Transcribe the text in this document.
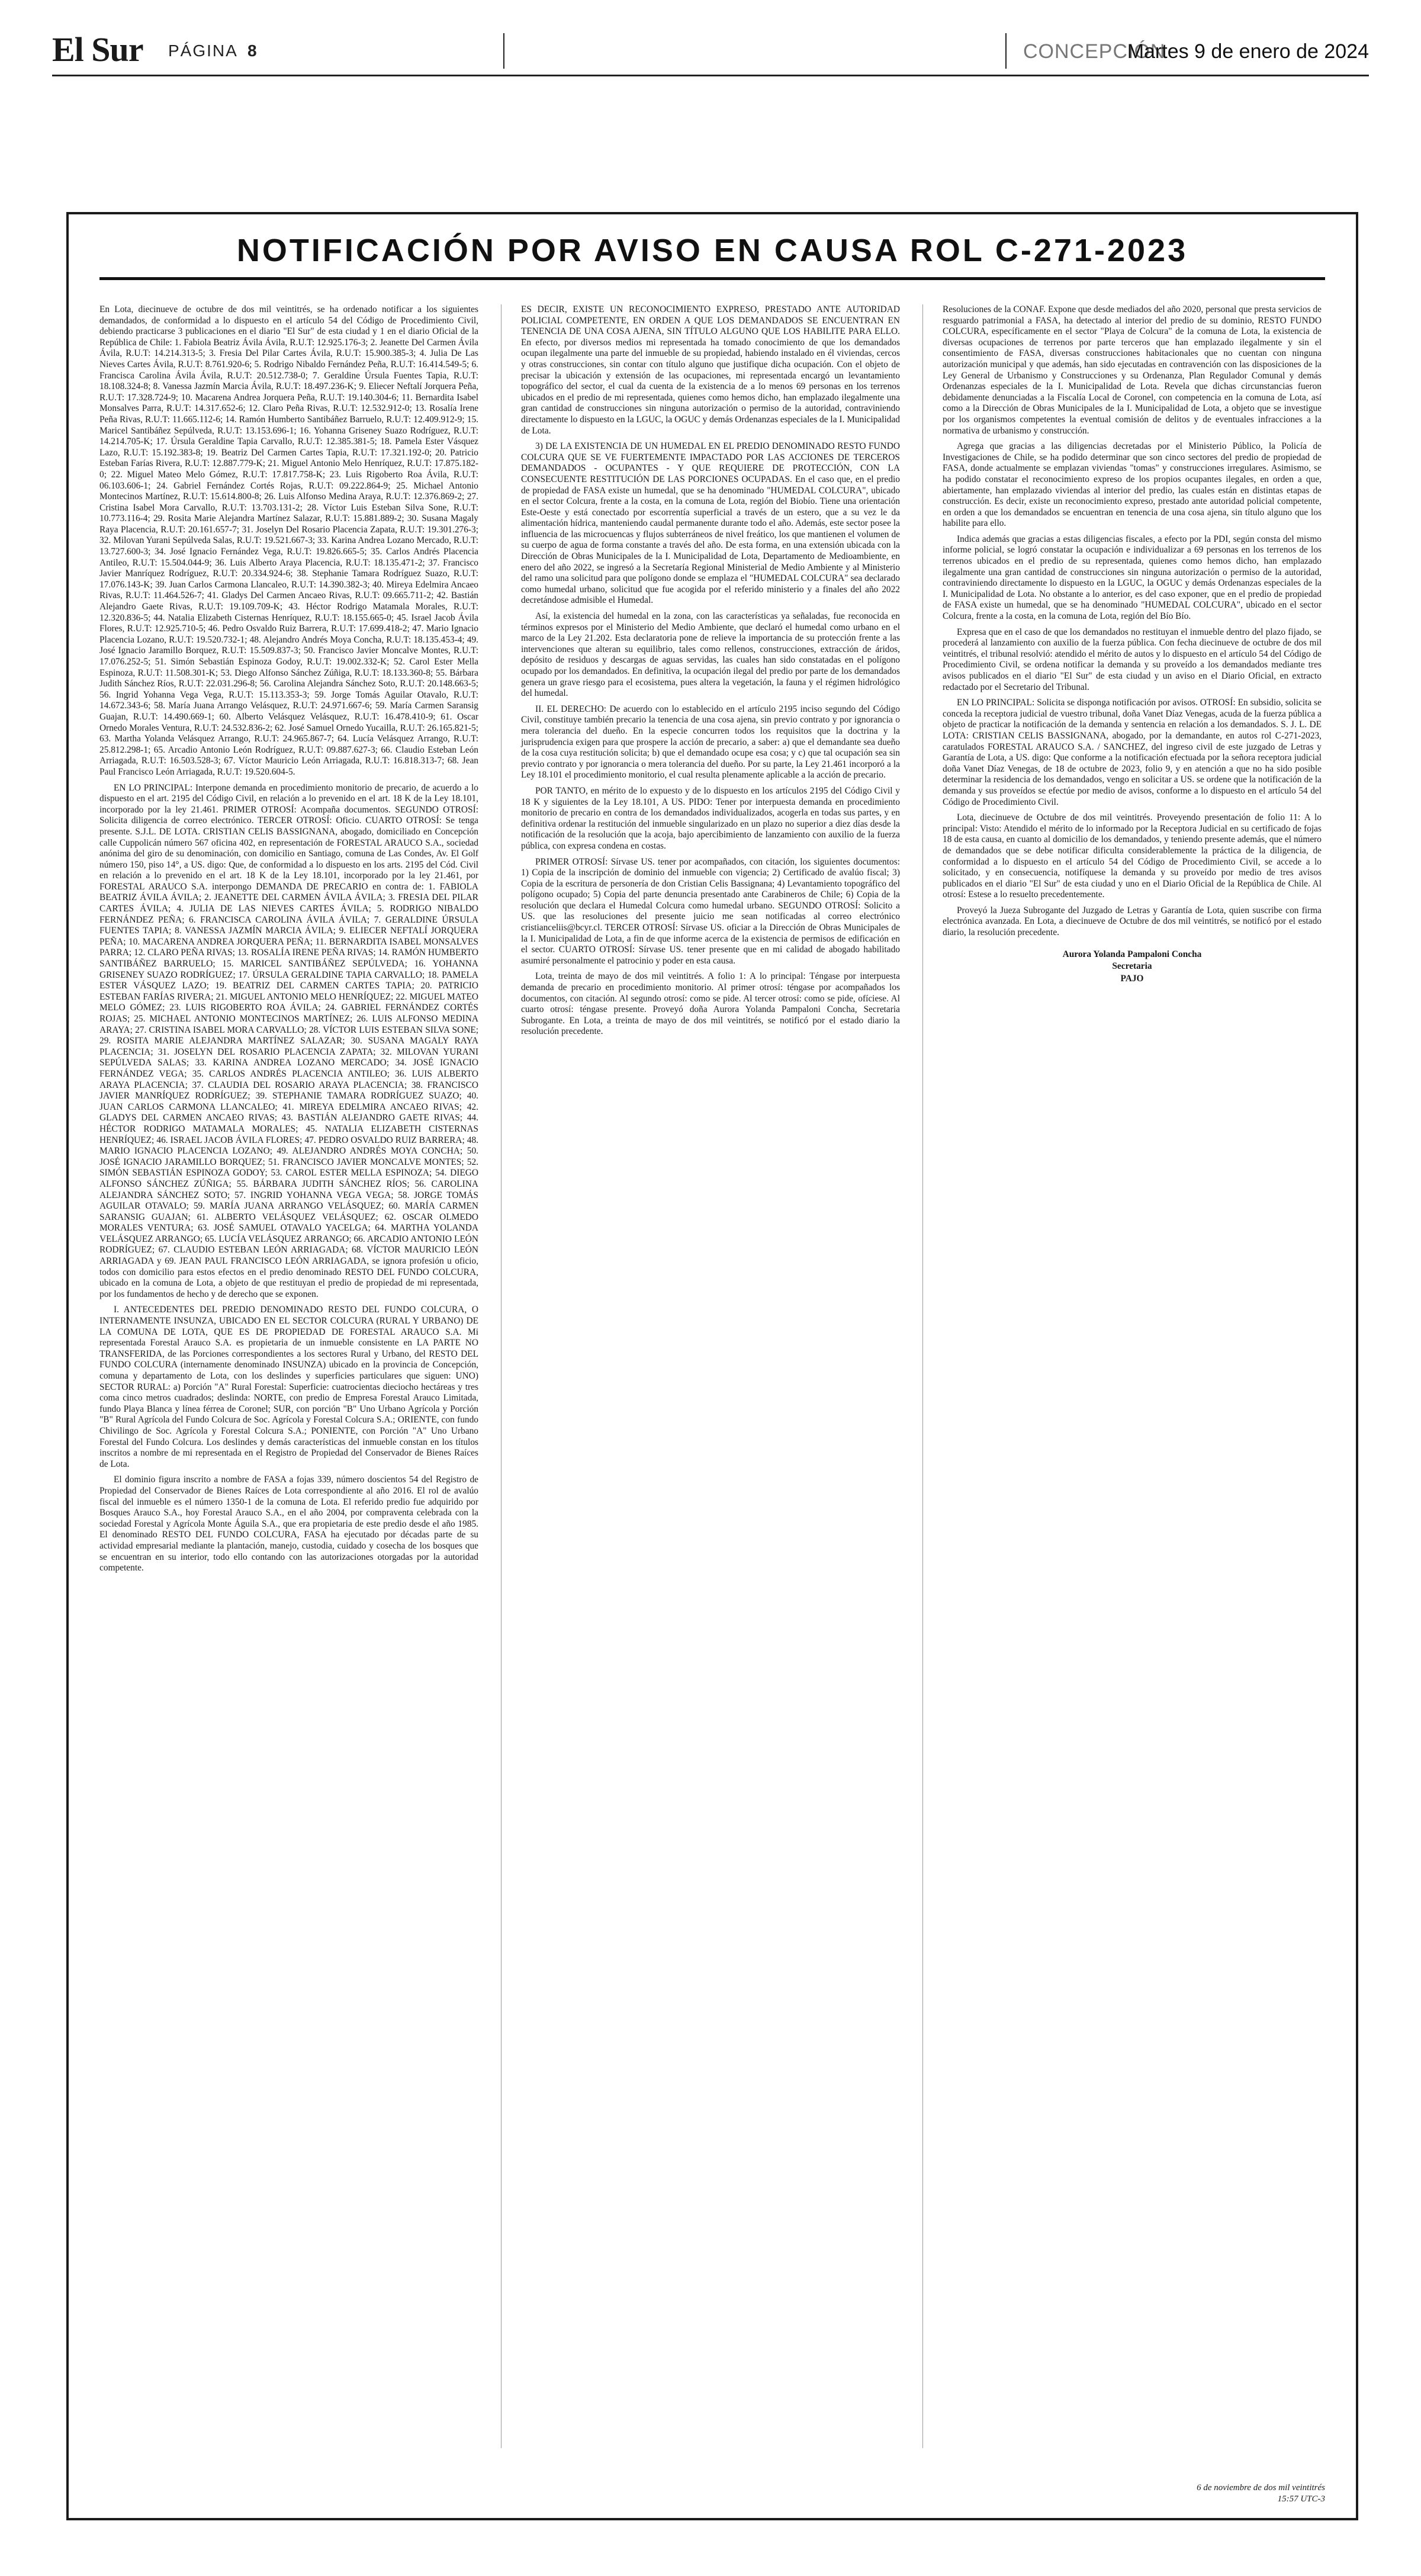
El Sur PÁGINA 8	CONCEPCIÓN
Martes 9 de enero de 2024
NOTIFICACIÓN POR AVISO EN CAUSA ROL C-271-2023

En Lota, diecinueve de octubre de dos mil veintitrés, se ha ordenado notificar a los siguientes demandados, de conformidad a lo dispuesto en el artículo 54 del Código de Procedimiento Civil, debiendo practicarse 3 publicaciones en el diario "El Sur" de esta ciudad y 1 en el diario Oficial de la República de Chile: 1. Fabiola Beatriz Ávila Ávila, R.U.T: 12.925.176-3; 2. Jeanette Del Carmen Ávila Ávila, R.U.T: 14.214.313-5; 3. Fresia Del Pilar Cartes Ávila, R.U.T: 15.900.385-3; 4. Julia De Las Nieves Cartes Ávila, R.U.T: 8.761.920-6; 5. Rodrigo Nibaldo Fernández Peña, R.U.T: 16.414.549-5; 6. Francisca Carolina Ávila Ávila, R.U.T: 20.512.738-0; 7. Geraldine Úrsula Fuentes Tapia, R.U.T: 18.108.324-8; 8. Vanessa Jazmín Marcia Ávila, R.U.T: 18.497.236-K; 9. Eliecer Neftalí Jorquera Peña, R.U.T: 17.328.724-9; 10. Macarena Andrea Jorquera Peña, R.U.T: 19.140.304-6; 11. Bernardita Isabel Monsalves Parra, R.U.T: 14.317.652-6; 12. Claro Peña Rivas, R.U.T: 12.532.912-0; 13. Rosalía Irene Peña Rivas, R.U.T: 11.665.112-6; 14. Ramón Humberto Santibáñez Barruelo, R.U.T: 12.409.912-9; 15. Maricel Santibáñez Sepúlveda, R.U.T: 13.153.696-1; 16. Yohanna Griseney Suazo Rodríguez, R.U.T: 14.214.705-K; 17. Úrsula Geraldine Tapia Carvallo, R.U.T: 12.385.381-5; 18. Pamela Ester Vásquez Lazo, R.U.T: 15.192.383-8; 19. Beatriz Del Carmen Cartes Tapia, R.U.T: 17.321.192-0; 20. Patricio Esteban Farías Rivera, R.U.T: 12.887.779-K; 21. Miguel Antonio Melo Henríquez, R.U.T: 17.875.182-0; 22. Miguel Mateo Melo Gómez, R.U.T: 17.817.758-K; 23. Luis Rigoberto Roa Ávila, R.U.T: 06.103.606-1; 24. Gabriel Fernández Cortés Rojas, R.U.T: 09.222.864-9; 25. Michael Antonio Montecinos Martínez, R.U.T: 15.614.800-8; 26. Luis Alfonso Medina Araya, R.U.T: 12.376.869-2; 27. Cristina Isabel Mora Carvallo, R.U.T: 13.703.131-2; 28. Víctor Luis Esteban Silva Sone, R.U.T: 10.773.116-4; 29. Rosita Marie Alejandra Martínez Salazar, R.U.T: 15.881.889-2; 30. Susana Magaly Raya Placencia, R.U.T: 20.161.657-7; 31. Joselyn Del Rosario Placencia Zapata, R.U.T: 19.301.276-3; 32. Milovan Yurani Sepúlveda Salas, R.U.T: 19.521.667-3; 33. Karina Andrea Lozano Mercado, R.U.T: 13.727.600-3; 34. José Ignacio Fernández Vega, R.U.T: 19.826.665-5; 35. Carlos Andrés Placencia Antileo, R.U.T: 15.504.044-9; 36. Luis Alberto Araya Placencia, R.U.T: 18.135.471-2; 37. Francisco Javier Manríquez Rodríguez, R.U.T: 20.334.924-6; 38. Stephanie Tamara Rodríguez Suazo, R.U.T: 17.076.143-K; 39. Juan Carlos Carmona Llancaleo, R.U.T: 14.390.382-3; 40. Mireya Edelmira Ancaeo Rivas, R.U.T: 11.464.526-7; 41. Gladys Del Carmen Ancaeo Rivas, R.U.T: 09.665.711-2; 42. Bastián Alejandro Gaete Rivas, R.U.T: 19.109.709-K; 43. Héctor Rodrigo Matamala Morales, R.U.T: 12.320.836-5; 44. Natalia Elizabeth Cisternas Henríquez, R.U.T: 18.155.665-0; 45. Israel Jacob Ávila Flores, R.U.T: 12.925.710-5; 46. Pedro Osvaldo Ruiz Barrera, R.U.T: 17.699.418-2; 47. Mario Ignacio Placencia Lozano, R.U.T: 19.520.732-1; 48. Alejandro Andrés Moya Concha, R.U.T: 18.135.453-4; 49. José Ignacio Jaramillo Borquez, R.U.T: 15.509.837-3; 50. Francisco Javier Moncalve Montes, R.U.T: 17.076.252-5; 51. Simón Sebastián Espinoza Godoy, R.U.T: 19.002.332-K; 52. Carol Ester Mella Espinoza, R.U.T: 11.508.301-K; 53. Diego Alfonso Sánchez Zúñiga, R.U.T: 18.133.360-8; 55. Bárbara Judith Sánchez Ríos, R.U.T: 22.031.296-8; 56. Carolina Alejandra Sánchez Soto, R.U.T: 20.148.663-5; 56. Ingrid Yohanna Vega Vega, R.U.T: 15.113.353-3; 59. Jorge Tomás Aguilar Otavalo, R.U.T: 14.672.343-6; 58. María Juana Arrango Velásquez, R.U.T: 24.971.667-6; 59. María Carmen Saransig Guajan, R.U.T: 14.490.669-1; 60. Alberto Velásquez Velásquez, R.U.T: 16.478.410-9; 61. Oscar Ornedo Morales Ventura, R.U.T: 24.532.836-2; 62. José Samuel Ornedo Yucailla, R.U.T: 26.165.821-5; 63. Martha Yolanda Velásquez Arrango, R.U.T: 24.965.867-7; 64. Lucía Velásquez Arrango, R.U.T: 25.812.298-1; 65. Arcadio Antonio León Rodríguez, R.U.T: 09.887.627-3; 66. Claudio Esteban León Arriagada, R.U.T: 16.503.528-3; 67. Víctor Mauricio León Arriagada, R.U.T: 16.818.313-7; 68. Jean Paul Francisco León Arriagada, R.U.T: 19.520.604-5.

EN LO PRINCIPAL: Interpone demanda en procedimiento monitorio de precario, de acuerdo a lo dispuesto en el art. 2195 del Código Civil, en relación a lo prevenido en el art. 18 K de la Ley 18.101, incorporado por la ley 21.461. PRIMER OTROSÍ: Acompaña documentos. SEGUNDO OTROSÍ: Solicita diligencia de correo electrónico. TERCER OTROSÍ: Oficio. CUARTO OTROSÍ: Se tenga presente. S.J.L. DE LOTA. CRISTIAN CELIS BASSIGNANA, abogado, domiciliado en Concepción calle Cuppolicán número 567 oficina 402, en representación de FORESTAL ARAUCO S.A., sociedad anónima del giro de su denominación, con domicilio en Santiago, comuna de Las Condes, Av. El Golf número 150, piso 14°, a US. digo: Que, de conformidad a lo dispuesto en los arts. 2195 del Cód. Civil en relación a lo prevenido en el art. 18 K de la Ley 18.101, incorporado por la ley 21.461, por FORESTAL ARAUCO S.A. interpongo DEMANDA DE PRECARIO en contra de: 1. FABIOLA BEATRIZ ÁVILA ÁVILA; 2. JEANETTE DEL CARMEN ÁVILA ÁVILA; 3. FRESIA DEL PILAR CARTES ÁVILA; 4. JULIA DE LAS NIEVES CARTES ÁVILA; 5. RODRIGO NIBALDO FERNÁNDEZ PEÑA; 6. FRANCISCA CAROLINA ÁVILA ÁVILA; 7. GERALDINE ÚRSULA FUENTES TAPIA; 8. VANESSA JAZMÍN MARCIA ÁVILA; 9. ELIECER NEFTALÍ JORQUERA PEÑA; 10. MACARENA ANDREA JORQUERA PEÑA; 11. BERNARDITA ISABEL MONSALVES PARRA; 12. CLARO PEÑA RIVAS; 13. ROSALÍA IRENE PEÑA RIVAS; 14. RAMÓN HUMBERTO SANTIBÁÑEZ BARRUELO; 15. MARICEL SANTIBÁÑEZ SEPÚLVEDA; 16. YOHANNA GRISENEY SUAZO RODRÍGUEZ; 17. ÚRSULA GERALDINE TAPIA CARVALLO; 18. PAMELA ESTER VÁSQUEZ LAZO; 19. BEATRIZ DEL CARMEN CARTES TAPIA; 20. PATRICIO ESTEBAN FARÍAS RIVERA; 21. MIGUEL ANTONIO MELO HENRÍQUEZ; 22. MIGUEL MATEO MELO GÓMEZ; 23. LUIS RIGOBERTO ROA ÁVILA; 24. GABRIEL FERNÁNDEZ CORTÉS ROJAS; 25. MICHAEL ANTONIO MONTECINOS MARTÍNEZ; 26. LUIS ALFONSO MEDINA ARAYA; 27. CRISTINA ISABEL MORA CARVALLO; 28. VÍCTOR LUIS ESTEBAN SILVA SONE; 29. ROSITA MARIE ALEJANDRA MARTÍNEZ SALAZAR; 30. SUSANA MAGALY RAYA PLACENCIA; 31. JOSELYN DEL ROSARIO PLACENCIA ZAPATA; 32. MILOVAN YURANI SEPÚLVEDA SALAS; 33. KARINA ANDREA LOZANO MERCADO; 34. JOSÉ IGNACIO FERNÁNDEZ VEGA; 35. CARLOS ANDRÉS PLACENCIA ANTILEO; 36. LUIS ALBERTO ARAYA PLACENCIA; 37. CLAUDIA DEL ROSARIO ARAYA PLACENCIA; 38. FRANCISCO JAVIER MANRÍQUEZ RODRÍGUEZ; 39. STEPHANIE TAMARA RODRÍGUEZ SUAZO; 40. JUAN CARLOS CARMONA LLANCALEO; 41. MIREYA EDELMIRA ANCAEO RIVAS; 42. GLADYS DEL CARMEN ANCAEO RIVAS; 43. BASTIÁN ALEJANDRO GAETE RIVAS; 44. HÉCTOR RODRIGO MATAMALA MORALES; 45. NATALIA ELIZABETH CISTERNAS HENRÍQUEZ; 46. ISRAEL JACOB ÁVILA FLORES; 47. PEDRO OSVALDO RUIZ BARRERA; 48. MARIO IGNACIO PLACENCIA LOZANO; 49. ALEJANDRO ANDRÉS MOYA CONCHA; 50. JOSÉ IGNACIO JARAMILLO BORQUEZ; 51. FRANCISCO JAVIER MONCALVE MONTES; 52. SIMÓN SEBASTIÁN ESPINOZA GODOY; 53. CAROL ESTER MELLA ESPINOZA; 54. DIEGO ALFONSO SÁNCHEZ ZÚÑIGA; 55. BÁRBARA JUDITH SÁNCHEZ RÍOS; 56. CAROLINA ALEJANDRA SÁNCHEZ SOTO; 57. INGRID YOHANNA VEGA VEGA; 58. JORGE TOMÁS AGUILAR OTAVALO; 59. MARÍA JUANA ARRANGO VELÁSQUEZ; 60. MARÍA CARMEN SARANSIG GUAJAN; 61. ALBERTO VELÁSQUEZ VELÁSQUEZ; 62. OSCAR OLMEDO MORALES VENTURA; 63. JOSÉ SAMUEL OTAVALO YACELGA; 64. MARTHA YOLANDA VELÁSQUEZ ARRANGO; 65. LUCÍA VELÁSQUEZ ARRANGO; 66. ARCADIO ANTONIO LEÓN RODRÍGUEZ; 67. CLAUDIO ESTEBAN LEÓN ARRIAGADA; 68. VÍCTOR MAURICIO LEÓN ARRIAGADA y 69. JEAN PAUL FRANCISCO LEÓN ARRIAGADA, se ignora profesión u oficio, todos con domicilio para estos efectos en el predio denominado RESTO DEL FUNDO COLCURA, ubicado en la comuna de Lota, a objeto de que restituyan el predio de propiedad de mi representada, por los fundamentos de hecho y de derecho que se exponen.

I. ANTECEDENTES DEL PREDIO DENOMINADO RESTO DEL FUNDO COLCURA, O INTERNAMENTE INSUNZA, UBICADO EN EL SECTOR COLCURA (RURAL Y URBANO) DE LA COMUNA DE LOTA, QUE ES DE PROPIEDAD DE FORESTAL ARAUCO S.A. Mi representada Forestal Arauco S.A. es propietaria de un inmueble consistente en LA PARTE NO TRANSFERIDA, de las Porciones correspondientes a los sectores Rural y Urbano, del RESTO DEL FUNDO COLCURA (internamente denominado INSUNZA) ubicado en la provincia de Concepción, comuna y departamento de Lota, con los deslindes y superficies particulares que siguen: UNO) SECTOR RURAL: a) Porción "A" Rural Forestal: Superficie: cuatrocientas dieciocho hectáreas y tres coma cinco metros cuadrados; deslinda: NORTE, con predio de Empresa Forestal Arauco Limitada, fundo Playa Blanca y línea férrea de Coronel; SUR, con porción "B" Uno Urbano Agrícola y Porción "B" Rural Agrícola del Fundo Colcura de Soc. Agrícola y Forestal Colcura S.A.; ORIENTE, con fundo Chivilingo de Soc. Agrícola y Forestal Colcura S.A.; PONIENTE, con Porción "A" Uno Urbano Forestal del Fundo Colcura. Los deslindes y demás características del inmueble constan en los títulos inscritos a nombre de mi representada en el Registro de Propiedad del Conservador de Bienes Raíces de Lota.

El dominio figura inscrito a nombre de FASA a fojas 339, número doscientos 54 del Registro de Propiedad del Conservador de Bienes Raíces de Lota correspondiente al año 2016. El rol de avalúo fiscal del inmueble es el número 1350-1 de la comuna de Lota. El referido predio fue adquirido por Bosques Arauco S.A., hoy Forestal Arauco S.A., en el año 2004, por compraventa celebrada con la sociedad Forestal y Agrícola Monte Águila S.A., que era propietaria de este predio desde el año 1985. El denominado RESTO DEL FUNDO COLCURA, FASA ha ejecutado por décadas parte de su actividad empresarial mediante la plantación, manejo, custodia, cuidado y cosecha de los bosques que se encuentran en su interior, todo ello contando con las autorizaciones otorgadas por la autoridad competente.

ES DECIR, EXISTE UN RECONOCIMIENTO EXPRESO, PRESTADO ANTE AUTORIDAD POLICIAL COMPETENTE, EN ORDEN A QUE LOS DEMANDADOS SE ENCUENTRAN EN TENENCIA DE UNA COSA AJENA, SIN TÍTULO ALGUNO QUE LOS HABILITE PARA ELLO. En efecto, por diversos medios mi representada ha tomado conocimiento de que los demandados ocupan ilegalmente una parte del inmueble de su propiedad, habiendo instalado en él viviendas, cercos y otras construcciones, sin contar con título alguno que justifique dicha ocupación. Con el objeto de precisar la ubicación y extensión de las ocupaciones, mi representada encargó un levantamiento topográfico del sector, el cual da cuenta de la existencia de a lo menos 69 personas en los terrenos ubicados en el predio de mi representada, quienes como hemos dicho, han emplazado ilegalmente una gran cantidad de construcciones sin ninguna autorización o permiso de la autoridad, contraviniendo directamente lo dispuesto en la LGUC, la OGUC y demás Ordenanzas especiales de la I. Municipalidad de Lota.

3) DE LA EXISTENCIA DE UN HUMEDAL EN EL PREDIO DENOMINADO RESTO FUNDO COLCURA QUE SE VE FUERTEMENTE IMPACTADO POR LAS ACCIONES DE TERCEROS DEMANDADOS - OCUPANTES - Y QUE REQUIERE DE PROTECCIÓN, CON LA CONSECUENTE RESTITUCIÓN DE LAS PORCIONES OCUPADAS. En el caso que, en el predio de propiedad de FASA existe un humedal, que se ha denominado "HUMEDAL COLCURA", ubicado en el sector Colcura, frente a la costa, en la comuna de Lota, región del Biobío. Tiene una orientación Este-Oeste y está conectado por escorrentía superficial a través de un estero, que a su vez le da alimentación hídrica, manteniendo caudal permanente durante todo el año. Además, este sector posee la influencia de las microcuencas y flujos subterráneos de nivel freático, los que mantienen el volumen de su cuerpo de agua de forma constante a través del año. De esta forma, en una extensión ubicada con la Dirección de Obras Municipales de la I. Municipalidad de Lota, Departamento de Medioambiente, en enero del año 2022, se ingresó a la Secretaría Regional Ministerial de Medio Ambiente y al Ministerio del ramo una solicitud para que polígono donde se emplaza el "HUMEDAL COLCURA" sea declarado como humedal urbano, solicitud que fue acogida por el referido ministerio y a finales del año 2022 decretándose admisible el Humedal.

Así, la existencia del humedal en la zona, con las características ya señaladas, fue reconocida en términos expresos por el Ministerio del Medio Ambiente, que declaró el humedal como urbano en el marco de la Ley 21.202. Esta declaratoria pone de relieve la importancia de su protección frente a las intervenciones que alteran su equilibrio, tales como rellenos, construcciones, extracción de áridos, depósito de residuos y descargas de aguas servidas, las cuales han sido constatadas en el polígono ocupado por los demandados. En definitiva, la ocupación ilegal del predio por parte de los demandados genera un grave riesgo para el ecosistema, pues altera la vegetación, la fauna y el régimen hidrológico del humedal.

II. EL DERECHO: De acuerdo con lo establecido en el artículo 2195 inciso segundo del Código Civil, constituye también precario la tenencia de una cosa ajena, sin previo contrato y por ignorancia o mera tolerancia del dueño. En la especie concurren todos los requisitos que la doctrina y la jurisprudencia exigen para que prospere la acción de precario, a saber: a) que el demandante sea dueño de la cosa cuya restitución solicita; b) que el demandado ocupe esa cosa; y c) que tal ocupación sea sin previo contrato y por ignorancia o mera tolerancia del dueño. Por su parte, la Ley 21.461 incorporó a la Ley 18.101 el procedimiento monitorio, el cual resulta plenamente aplicable a la acción de precario.

POR TANTO, en mérito de lo expuesto y de lo dispuesto en los artículos 2195 del Código Civil y 18 K y siguientes de la Ley 18.101, A US. PIDO: Tener por interpuesta demanda en procedimiento monitorio de precario en contra de los demandados individualizados, acogerla en todas sus partes, y en definitiva ordenar la restitución del inmueble singularizado en un plazo no superior a diez días desde la notificación de la resolución que la acoja, bajo apercibimiento de lanzamiento con auxilio de la fuerza pública, con expresa condena en costas.

PRIMER OTROSÍ: Sírvase US. tener por acompañados, con citación, los siguientes documentos: 1) Copia de la inscripción de dominio del inmueble con vigencia; 2) Certificado de avalúo fiscal; 3) Copia de la escritura de personería de don Cristian Celis Bassignana; 4) Levantamiento topográfico del polígono ocupado; 5) Copia del parte denuncia presentado ante Carabineros de Chile; 6) Copia de la resolución que declara el Humedal Colcura como humedal urbano. SEGUNDO OTROSÍ: Solicito a US. que las resoluciones del presente juicio me sean notificadas al correo electrónico cristianceliis@bcyr.cl. TERCER OTROSÍ: Sírvase US. oficiar a la Dirección de Obras Municipales de la I. Municipalidad de Lota, a fin de que informe acerca de la existencia de permisos de edificación en el sector. CUARTO OTROSÍ: Sírvase US. tener presente que en mi calidad de abogado habilitado asumiré personalmente el patrocinio y poder en esta causa.

Lota, treinta de mayo de dos mil veintitrés. A folio 1: A lo principal: Téngase por interpuesta demanda de precario en procedimiento monitorio. Al primer otrosí: téngase por acompañados los documentos, con citación. Al segundo otrosí: como se pide. Al tercer otrosí: como se pide, ofíciese. Al cuarto otrosí: téngase presente. Proveyó doña Aurora Yolanda Pampaloni Concha, Secretaria Subrogante. En Lota, a treinta de mayo de dos mil veintitrés, se notificó por el estado diario la resolución precedente.

Resoluciones de la CONAF. Expone que desde mediados del año 2020, personal que presta servicios de resguardo patrimonial a FASA, ha detectado al interior del predio de su dominio, RESTO FUNDO COLCURA, específicamente en el sector "Playa de Colcura" de la comuna de Lota, la existencia de diversas ocupaciones de terrenos por parte terceros que han emplazado ilegalmente y sin el consentimiento de FASA, diversas construcciones habitacionales que no cuentan con ninguna autorización municipal y que además, han sido ejecutadas en contravención con las disposiciones de la Ley General de Urbanismo y Construcciones y su Ordenanza, Plan Regulador Comunal y demás Ordenanzas especiales de la I. Municipalidad de Lota. Revela que dichas circunstancias fueron debidamente denunciadas a la Fiscalía Local de Coronel, con competencia en la comuna de Lota, así como a la Dirección de Obras Municipales de la I. Municipalidad de Lota, a objeto que se investigue por los organismos competentes la eventual comisión de delitos y de eventuales infracciones a la normativa de urbanismo y construcción.

Agrega que gracias a las diligencias decretadas por el Ministerio Público, la Policía de Investigaciones de Chile, se ha podido determinar que son cinco sectores del predio de propiedad de FASA, donde actualmente se emplazan viviendas "tomas" y construcciones irregulares. Asimismo, se ha podido constatar el reconocimiento expreso de los propios ocupantes ilegales, en orden a que, abiertamente, han emplazado viviendas al interior del predio, las cuales están en distintas etapas de construcción. Es decir, existe un reconocimiento expreso, prestado ante autoridad policial competente, en orden a que los demandados se encuentran en tenencia de una cosa ajena, sin título alguno que los habilite para ello.

Indica además que gracias a estas diligencias fiscales, a efecto por la PDI, según consta del mismo informe policial, se logró constatar la ocupación e individualizar a 69 personas en los terrenos de los terrenos ubicados en el predio de su representada, quienes como hemos dicho, han emplazado ilegalmente una gran cantidad de construcciones sin ninguna autorización o permiso de la autoridad, contraviniendo directamente lo dispuesto en la LGUC, la OGUC y demás Ordenanzas especiales de la I. Municipalidad de Lota. No obstante a lo anterior, es del caso exponer, que en el predio de propiedad de FASA existe un humedal, que se ha denominado "HUMEDAL COLCURA", ubicado en el sector Colcura, frente a la costa, en la comuna de Lota, región del Bío Bío.

Expresa que en el caso de que los demandados no restituyan el inmueble dentro del plazo fijado, se procederá al lanzamiento con auxilio de la fuerza pública. Con fecha diecinueve de octubre de dos mil veintitrés, el tribunal resolvió: atendido el mérito de autos y lo dispuesto en el artículo 54 del Código de Procedimiento Civil, se ordena notificar la demanda y su proveído a los demandados mediante tres avisos publicados en el diario "El Sur" de esta ciudad y un aviso en el Diario Oficial, en extracto redactado por el Secretario del Tribunal.

EN LO PRINCIPAL: Solicita se disponga notificación por avisos. OTROSÍ: En subsidio, solicita se conceda la receptora judicial de vuestro tribunal, doña Vanet Díaz Venegas, acuda de la fuerza pública a objeto de practicar la notificación de la demanda y sentencia en relación a los demandados. S. J. L. DE LOTA: CRISTIAN CELIS BASSIGNANA, abogado, por la demandante, en autos rol C-271-2023, caratulados FORESTAL ARAUCO S.A. / SANCHEZ, del ingreso civil de este juzgado de Letras y Garantía de Lota, a US. digo: Que conforme a la notificación efectuada por la señora receptora judicial doña Vanet Díaz Venegas, de 18 de octubre de 2023, folio 9, y en atención a que no ha sido posible determinar la residencia de los demandados, vengo en solicitar a US. se ordene que la notificación de la demanda y sus proveídos se efectúe por medio de avisos, conforme a lo dispuesto en el artículo 54 del Código de Procedimiento Civil.

Lota, diecinueve de Octubre de dos mil veintitrés. Proveyendo presentación de folio 11: A lo principal: Visto: Atendido el mérito de lo informado por la Receptora Judicial en su certificado de fojas 18 de esta causa, en cuanto al domicilio de los demandados, y teniendo presente además, que el número de demandados que se debe notificar dificulta considerablemente la práctica de la diligencia, de conformidad a lo dispuesto en el artículo 54 del Código de Procedimiento Civil, se accede a lo solicitado, y en consecuencia, notifíquese la demanda y su proveído por medio de tres avisos publicados en el diario "El Sur" de esta ciudad y uno en el Diario Oficial de la República de Chile. Al otrosí: Estese a lo resuelto precedentemente.

Proveyó la Jueza Subrogante del Juzgado de Letras y Garantía de Lota, quien suscribe con firma electrónica avanzada. En Lota, a diecinueve de Octubre de dos mil veintitrés, se notificó por el estado diario, la resolución precedente.

Aurora Yolanda Pampaloni Concha
Secretaria
PAJO
6 de noviembre de dos mil veintitrés
15:57 UTC-3
